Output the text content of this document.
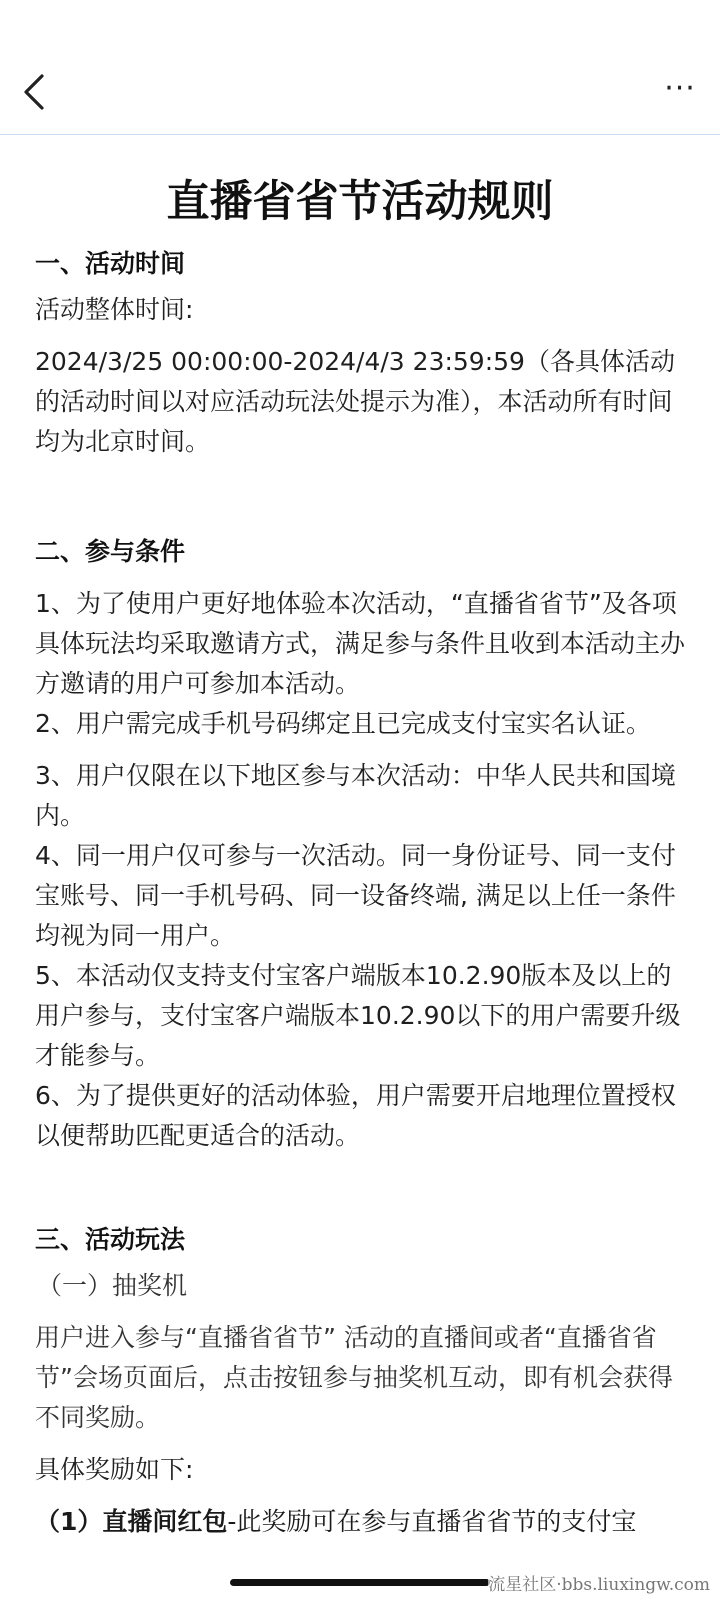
···
直播省省节活动规则
一、活动时间

活动整体时间:

2024/3/25 00:00:00-2024/4/3 23:59:59（各具体活动的活动时间以对应活动玩法处提示为准），本活动所有时间均为北京时间。

二、参与条件

1、为了使用户更好地体验本次活动，“直播省省节”及各项具体玩法均采取邀请方式，满足参与条件且收到本活动主办方邀请的用户可参加本活动。

2、用户需完成手机号码绑定且已完成支付宝实名认证。

3、用户仅限在以下地区参与本次活动：中华人民共和国境内。

4、同一用户仅可参与一次活动。同一身份证号、同一支付宝账号、同一手机号码、同一设备终端, 满足以上任一条件均视为同一用户。

5、本活动仅支持支付宝客户端版本10.2.90版本及以上的用户参与，支付宝客户端版本10.2.90以下的用户需要升级才能参与。

6、为了提供更好的活动体验，用户需要开启地理位置授权以便帮助匹配更适合的活动。

三、活动玩法

（一）抽奖机

用户进入参与“直播省省节” 活动的直播间或者“直播省省节”会场页面后，点击按钮参与抽奖机互动，即有机会获得不同奖励。

具体奖励如下:

（1）直播间红包-此奖励可在参与直播省省节的支付宝
流星社区·bbs.liuxingw.com
